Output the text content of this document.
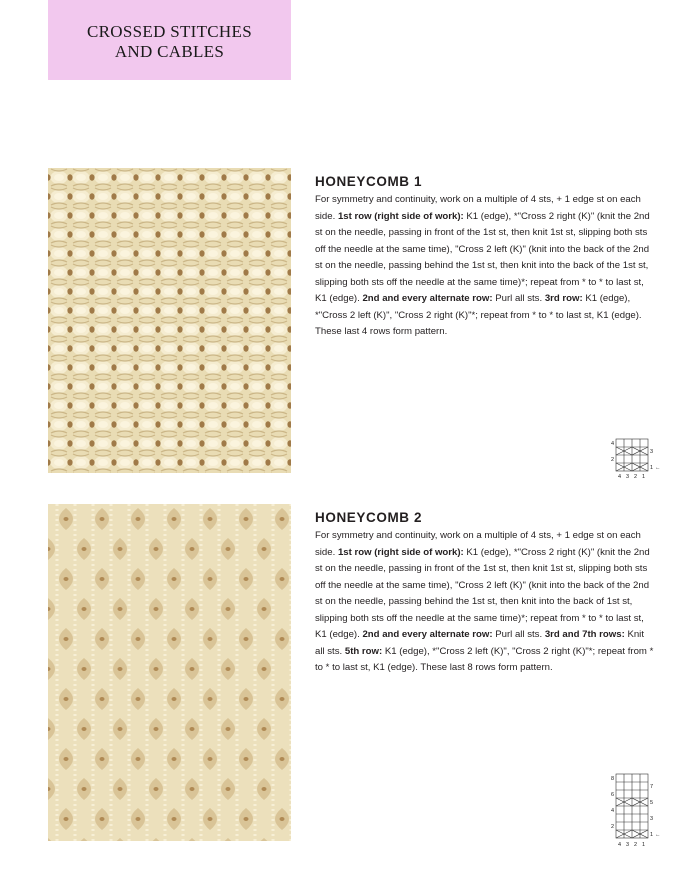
CROSSED STITCHES
AND CABLES
HONEYCOMB 1
For symmetry and continuity, work on a multiple of 4 sts, + 1 edge st on each side. 1st row (right side of work): K1 (edge), *"Cross 2 right (K)" (knit the 2nd st on the needle, passing in front of the 1st st, then knit 1st st, slipping both sts off the needle at the same time), "Cross 2 left (K)" (knit into the back of the 2nd st on the needle, passing behind the 1st st, then knit into the back of the 1st st, slipping both sts off the needle at the same time)*; repeat from * to * to last st, K1 (edge). 2nd and every alternate row: Purl all sts. 3rd row: K1 (edge), *"Cross 2 left (K)", "Cross 2 right (K)"*; repeat from * to * to last st, K1 (edge). These last 4 rows form pattern.
4
2
3
1 ←
4 3 2 1
HONEYCOMB 2
For symmetry and continuity, work on a multiple of 4 sts, + 1 edge st on each side. 1st row (right side of work): K1 (edge), *"Cross 2 right (K)" (knit the 2nd st on the needle, passing in front of the 1st st, then knit 1st st, slipping both sts off the needle at the same time), "Cross 2 left (K)" (knit into the back of the 2nd st on the needle, passing behind the 1st st, then knit into the back of 1st st, slipping both sts off the needle at the same time)*; repeat from * to * to last st, K1 (edge). 2nd and every alternate row: Purl all sts. 3rd and 7th rows: Knit all sts. 5th row: K1 (edge), *"Cross 2 left (K)", "Cross 2 right (K)"*; repeat from * to * to last st, K1 (edge). These last 8 rows form pattern.
8
6
4
2
7
5
3
1 ←
4 3 2 1
